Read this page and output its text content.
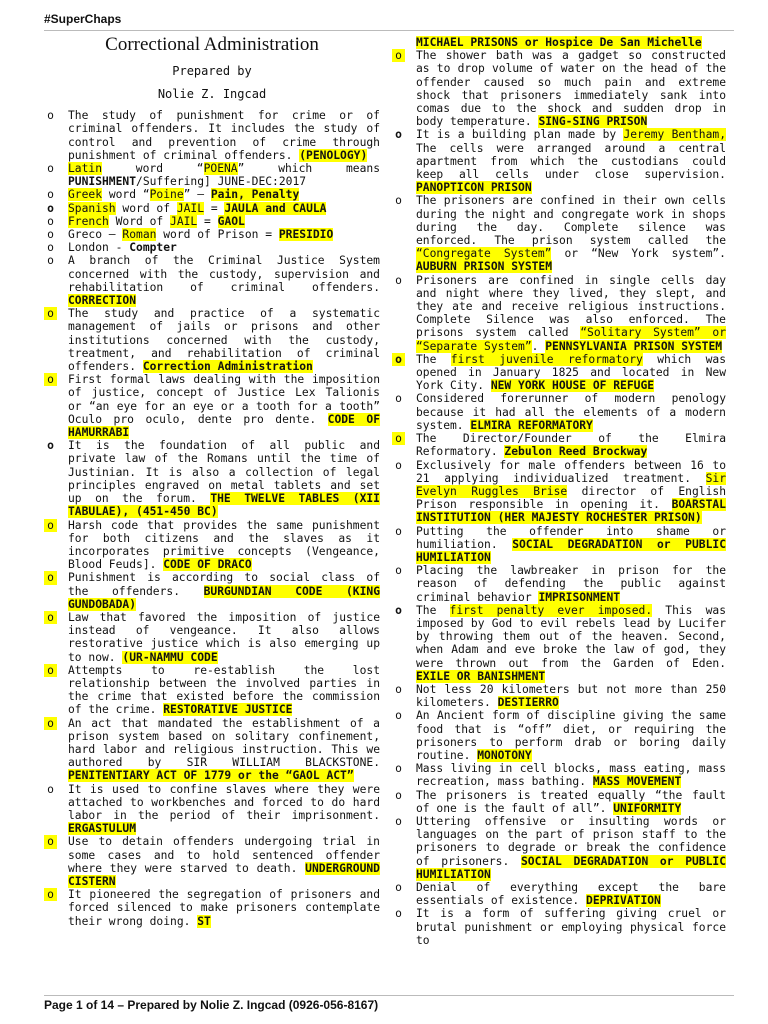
#SuperChaps
Correctional Administration
Prepared by
Nolie Z. Ingcad
o The study of punishment for crime or of criminal offenders. It includes the study of control and prevention of crime through punishment of criminal offenders. (PENOLOGY)
o Latin word “POENA” which means PUNISHMENT/Suffering] JUNE-DEC:2017
o Greek word “Poine” – Pain, Penalty
o Spanish word of JAIL = JAULA and CAULA
o French Word of JAIL = GAOL
o Greco – Roman word of Prison = PRESIDIO
o London - Compter
o A branch of the Criminal Justice System concerned with the custody, supervision and rehabilitation of criminal offenders. CORRECTION
o The study and practice of a systematic management of jails or prisons and other institutions concerned with the custody, treatment, and rehabilitation of criminal offenders. Correction Administration
o First formal laws dealing with the imposition of justice, concept of Justice Lex Talionis or “an eye for an eye or a tooth for a tooth” Oculo pro oculo, dente pro dente. CODE OF HAMURRABI
o It is the foundation of all public and private law of the Romans until the time of Justinian. It is also a collection of legal principles engraved on metal tablets and set up on the forum. THE TWELVE TABLES (XII TABULAE), (451-450 BC)
o Harsh code that provides the same punishment for both citizens and the slaves as it incorporates primitive concepts (Vengeance, Blood Feuds]. CODE OF DRACO
o Punishment is according to social class of the offenders. BURGUNDIAN CODE (KING GUNDOBADA)
o Law that favored the imposition of justice instead of vengeance. It also allows restorative justice which is also emerging up to now. (UR-NAMMU CODE
o Attempts to re-establish the lost relationship between the involved parties in the crime that existed before the commission of the crime. RESTORATIVE JUSTICE
o An act that mandated the establishment of a prison system based on solitary confinement, hard labor and religious instruction. This we authored by SIR WILLIAM BLACKSTONE. PENITENTIARY ACT OF 1779 or the “GAOL ACT”
o It is used to confine slaves where they were attached to workbenches and forced to do hard labor in the period of their imprisonment. ERGASTULUM
o Use to detain offenders undergoing trial in some cases and to hold sentenced offender where they were starved to death. UNDERGROUND CISTERN
o It pioneered the segregation of prisoners and forced silenced to make prisoners contemplate their wrong doing. ST
MICHAEL PRISONS or Hospice De San Michelle
o The shower bath was a gadget so constructed as to drop volume of water on the head of the offender caused so much pain and extreme shock that prisoners immediately sank into comas due to the shock and sudden drop in body temperature. SING-SING PRISON
o It is a building plan made by Jeremy Bentham, The cells were arranged around a central apartment from which the custodians could keep all cells under close supervision. PANOPTICON PRISON
o The prisoners are confined in their own cells during the night and congregate work in shops during the day. Complete silence was enforced. The prison system called the “Congregate System” or “New York system”. AUBURN PRISON SYSTEM
o Prisoners are confined in single cells day and night where they lived, they slept, and they ate and receive religious instructions. Complete Silence was also enforced. The prisons system called “Solitary System” or “Separate System”. PENNSYLVANIA PRISON SYSTEM
o The first juvenile reformatory which was opened in January 1825 and located in New York City. NEW YORK HOUSE OF REFUGE
o Considered forerunner of modern penology because it had all the elements of a modern system. ELMIRA REFORMATORY
o The Director/Founder of the Elmira Reformatory. Zebulon Reed Brockway
o Exclusively for male offenders between 16 to 21 applying individualized treatment. Sir Evelyn Ruggles Brise director of English Prison responsible in opening it. BOARSTAL INSTITUTION (HER MAJESTY ROCHESTER PRISON)
o Putting the offender into shame or humiliation. SOCIAL DEGRADATION or PUBLIC HUMILIATION
o Placing the lawbreaker in prison for the reason of defending the public against criminal behavior IMPRISONMENT
o The first penalty ever imposed. This was imposed by God to evil rebels lead by Lucifer by throwing them out of the heaven. Second, when Adam and eve broke the law of god, they were thrown out from the Garden of Eden. EXILE OR BANISHMENT
o Not less 20 kilometers but not more than 250 kilometers. DESTIERRO
o An Ancient form of discipline giving the same food that is “off” diet, or requiring the prisoners to perform drab or boring daily routine. MONOTONY
o Mass living in cell blocks, mass eating, mass recreation, mass bathing. MASS MOVEMENT
o The prisoners is treated equally “the fault of one is the fault of all”. UNIFORMITY
o Uttering offensive or insulting words or languages on the part of prison staff to the prisoners to degrade or break the confidence of prisoners. SOCIAL DEGRADATION or PUBLIC HUMILIATION
o Denial of everything except the bare essentials of existence. DEPRIVATION
o It is a form of suffering giving cruel or brutal punishment or employing physical force to
Page 1 of 14 – Prepared by Nolie Z. Ingcad (0926-056-8167)
